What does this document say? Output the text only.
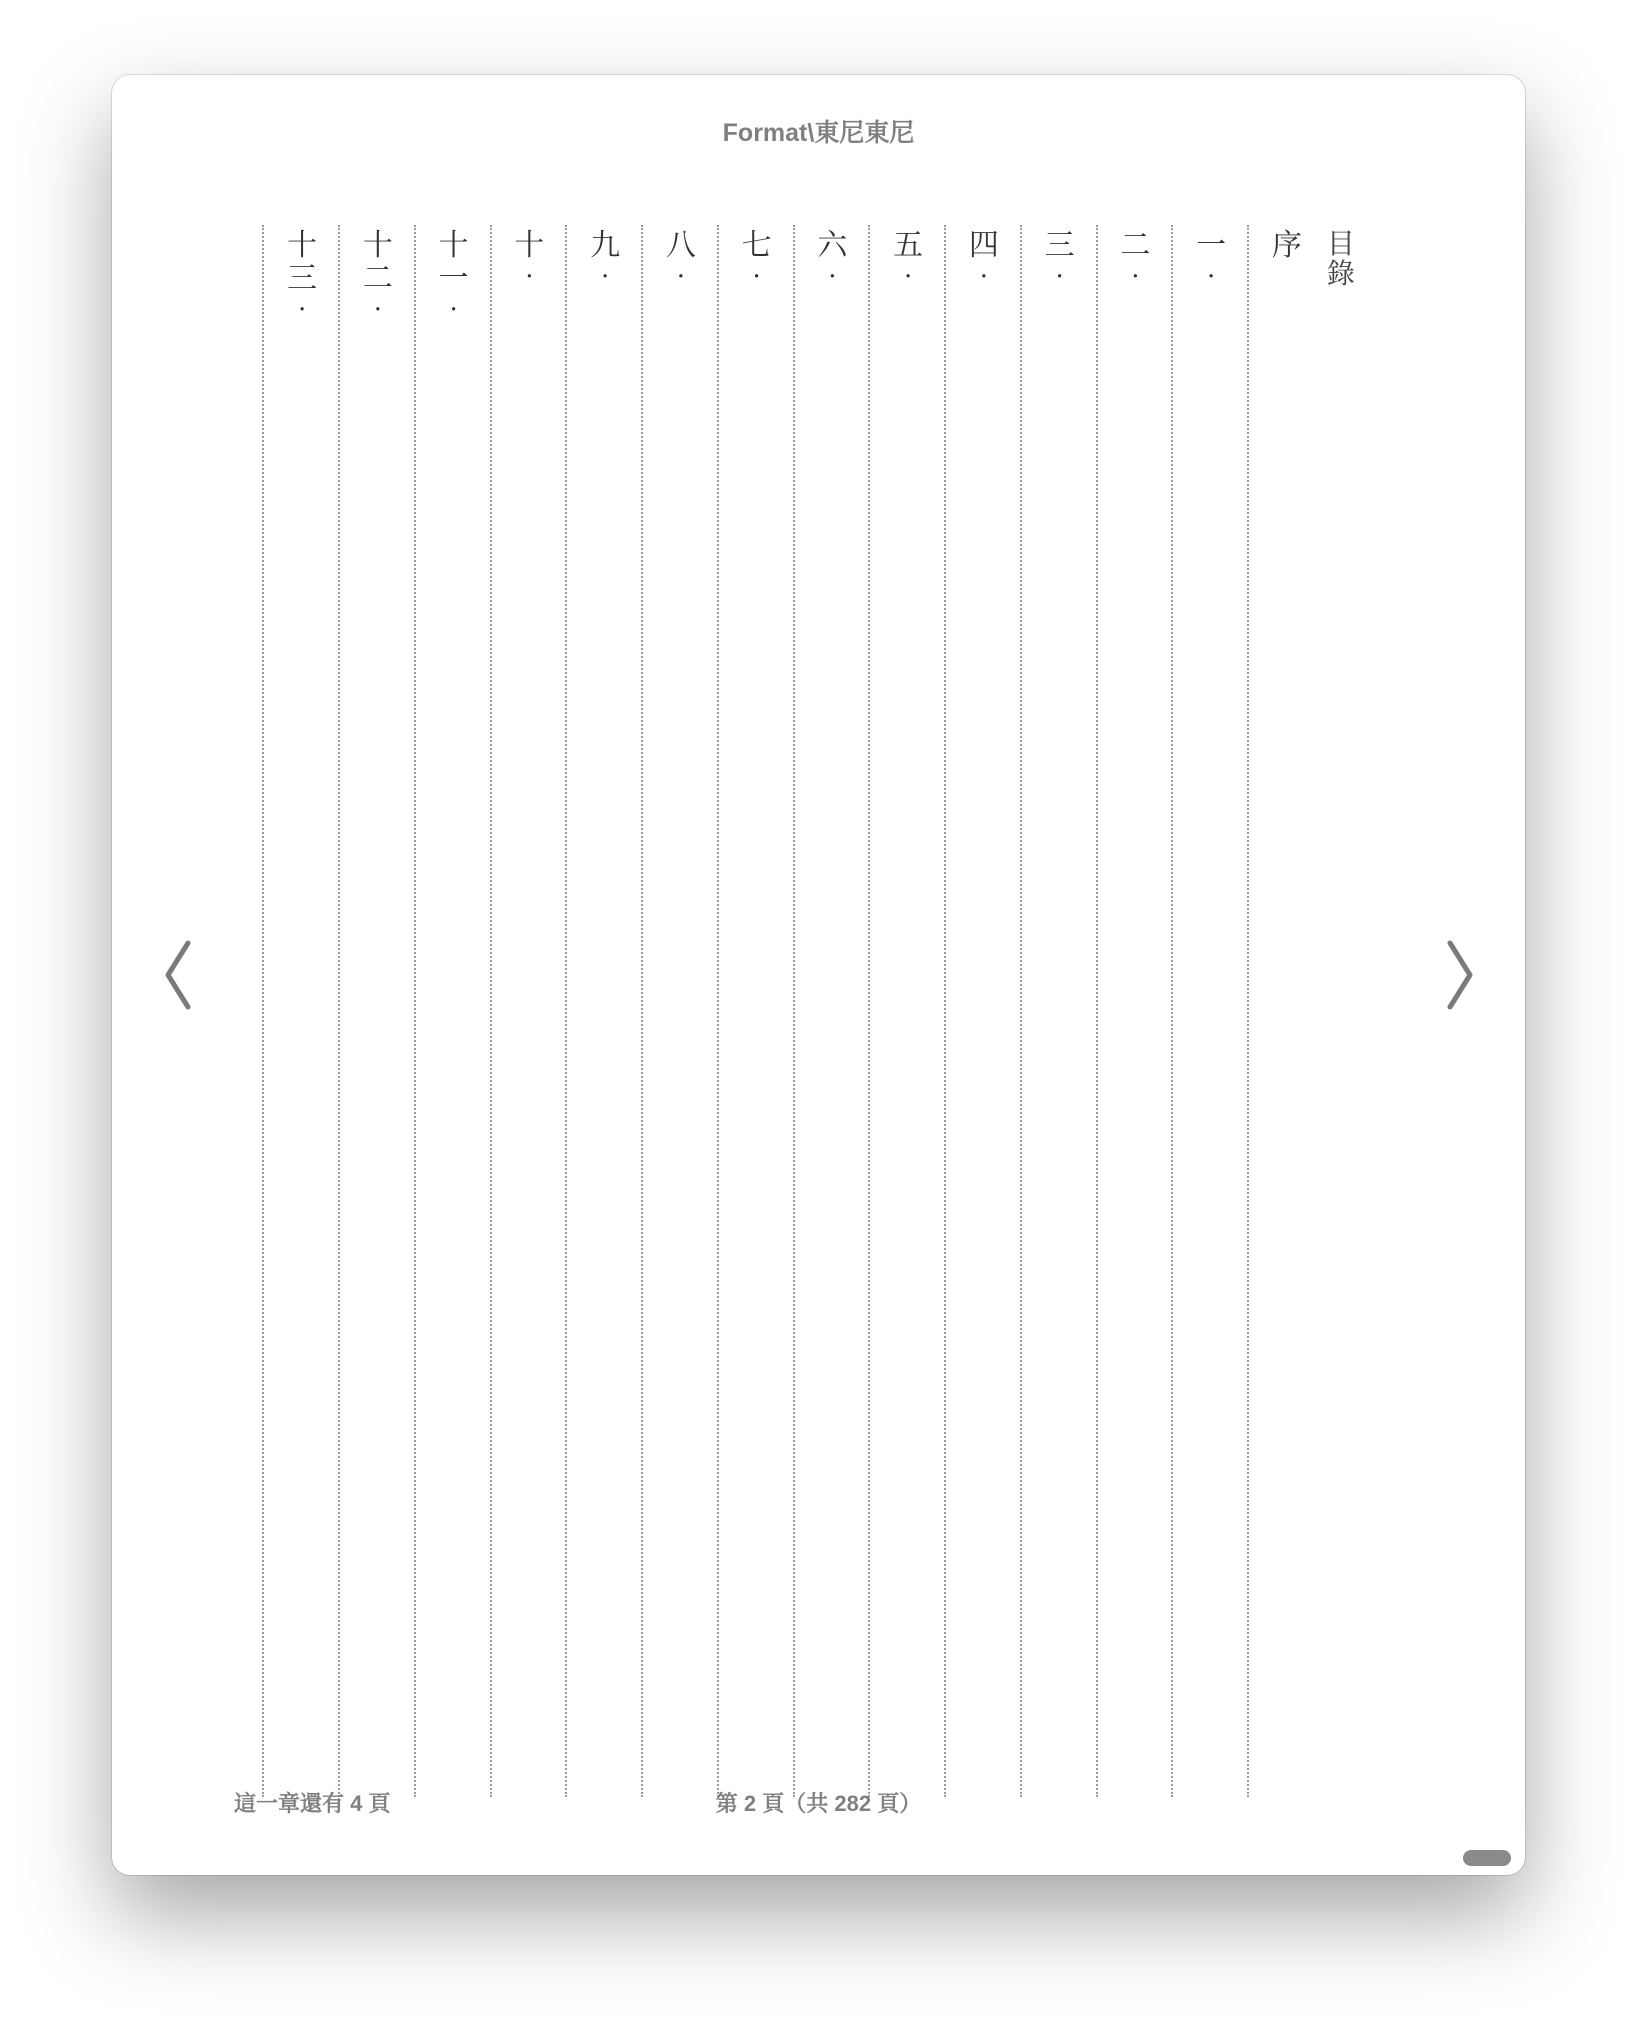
Format\東尼東尼
目
錄
序
一
·
二
·
三
·
四
·
五
·
六
·
七
·
八
·
九
·
十
·
十
一
·
十
二
·
十
三
·
這一章還有 4 頁	第 2 頁（共 282 頁）
